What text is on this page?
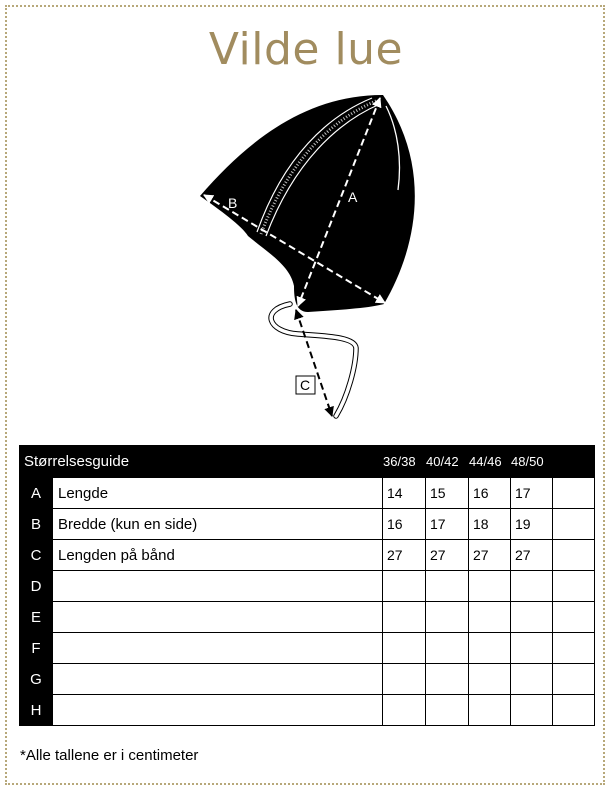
Vilde lue
A
B
C
Størrelsesguide		36/38	40/42	44/46	48/50	
A	Lengde	14	15	16	17	
B	Bredde (kun en side)	16	17	18	19	
C	Lengden på bånd	27	27	27	27	
D						
E						
F						
G						
H						
*Alle tallene er i centimeter
